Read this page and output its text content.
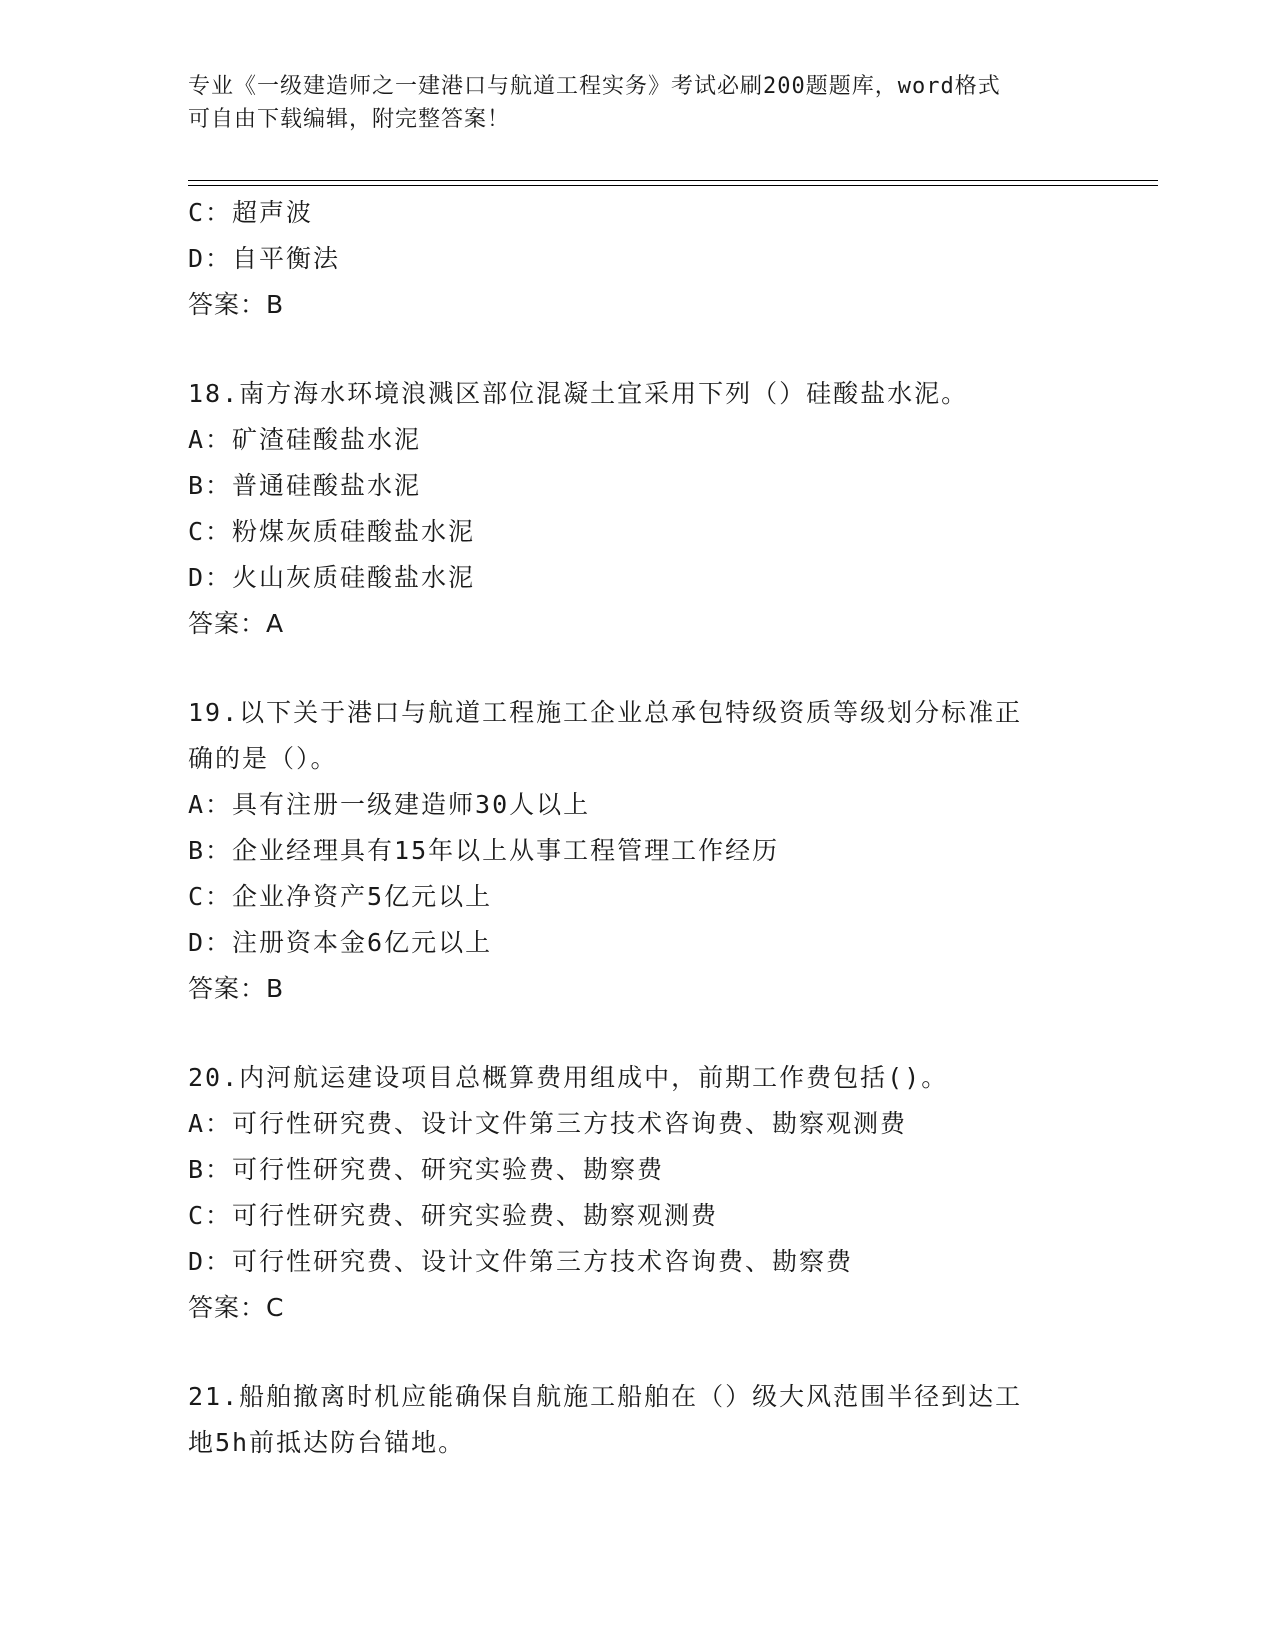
专业《一级建造师之一建港口与航道工程实务》考试必刷200题题库，word格式
可自由下载编辑，附完整答案！
C：超声波
D：自平衡法
答案：B
18.南方海水环境浪溅区部位混凝土宜采用下列（）硅酸盐水泥。
A：矿渣硅酸盐水泥
B：普通硅酸盐水泥
C：粉煤灰质硅酸盐水泥
D：火山灰质硅酸盐水泥
答案：A
19.以下关于港口与航道工程施工企业总承包特级资质等级划分标准正
确的是（）。
A：具有注册一级建造师30人以上
B：企业经理具有15年以上从事工程管理工作经历
C：企业净资产5亿元以上
D：注册资本金6亿元以上
答案：B
20.内河航运建设项目总概算费用组成中，前期工作费包括()。
A：可行性研究费、设计文件第三方技术咨询费、勘察观测费
B：可行性研究费、研究实验费、勘察费
C：可行性研究费、研究实验费、勘察观测费
D：可行性研究费、设计文件第三方技术咨询费、勘察费
答案：C
21.船舶撤离时机应能确保自航施工船舶在（）级大风范围半径到达工
地5h前抵达防台锚地。
